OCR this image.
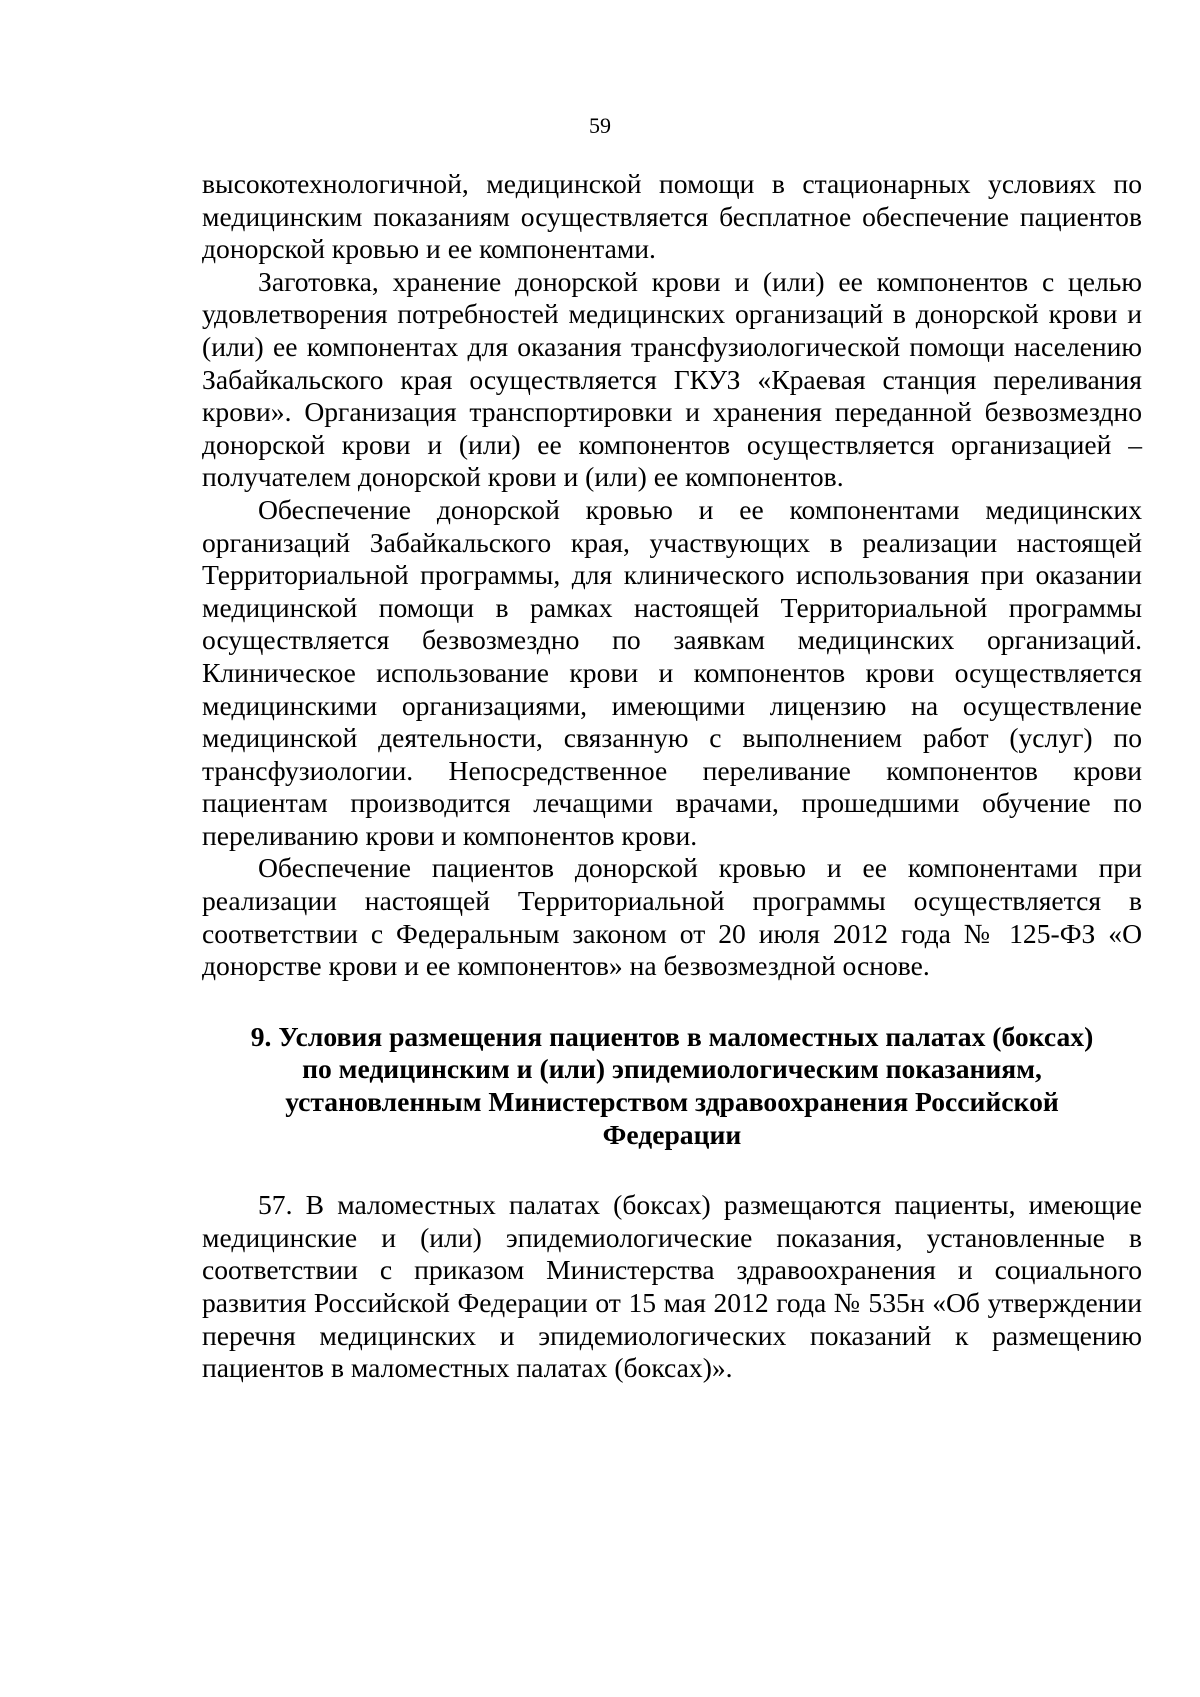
59

высокотехнологичной, медицинской помощи в стационарных условиях по медицинским показаниям осуществляется бесплатное обеспечение пациентов донорской кровью и ее компонентами.

Заготовка, хранение донорской крови и (или) ее компонентов с целью удовлетворения потребностей медицинских организаций в донорской крови и (или) ее компонентах для оказания трансфузиологической помощи населению Забайкальского края осуществляется ГКУЗ «Краевая станция переливания крови». Организация транспортировки и хранения переданной безвозмездно донорской крови и (или) ее компонентов осуществляется организацией – получателем донорской крови и (или) ее компонентов.

Обеспечение донорской кровью и ее компонентами медицинских организаций Забайкальского края, участвующих в реализации настоящей Территориальной программы, для клинического использования при оказании медицинской помощи в рамках настоящей Территориальной программы осуществляется безвозмездно по заявкам медицинских организаций. Клиническое использование крови и компонентов крови осуществляется медицинскими организациями, имеющими лицензию на осуществление медицинской деятельности, связанную с выполнением работ (услуг) по трансфузиологии. Непосредственное переливание компонентов крови пациентам производится лечащими врачами, прошедшими обучение по переливанию крови и компонентов крови.

Обеспечение пациентов донорской кровью и ее компонентами при реализации настоящей Территориальной программы осуществляется в соответствии с Федеральным законом от 20 июля 2012 года № 125-ФЗ «О донорстве крови и ее компонентов» на безвозмездной основе.

9. Условия размещения пациентов в маломестных палатах (боксах) по медицинским и (или) эпидемиологическим показаниям, установленным Министерством здравоохранения Российской Федерации

57. В маломестных палатах (боксах) размещаются пациенты, имеющие медицинские и (или) эпидемиологические показания, установленные в соответствии с приказом Министерства здравоохранения и социального развития Российской Федерации от 15 мая 2012 года № 535н «Об утверждении перечня медицинских и эпидемиологических показаний к размещению пациентов в маломестных палатах (боксах)».
